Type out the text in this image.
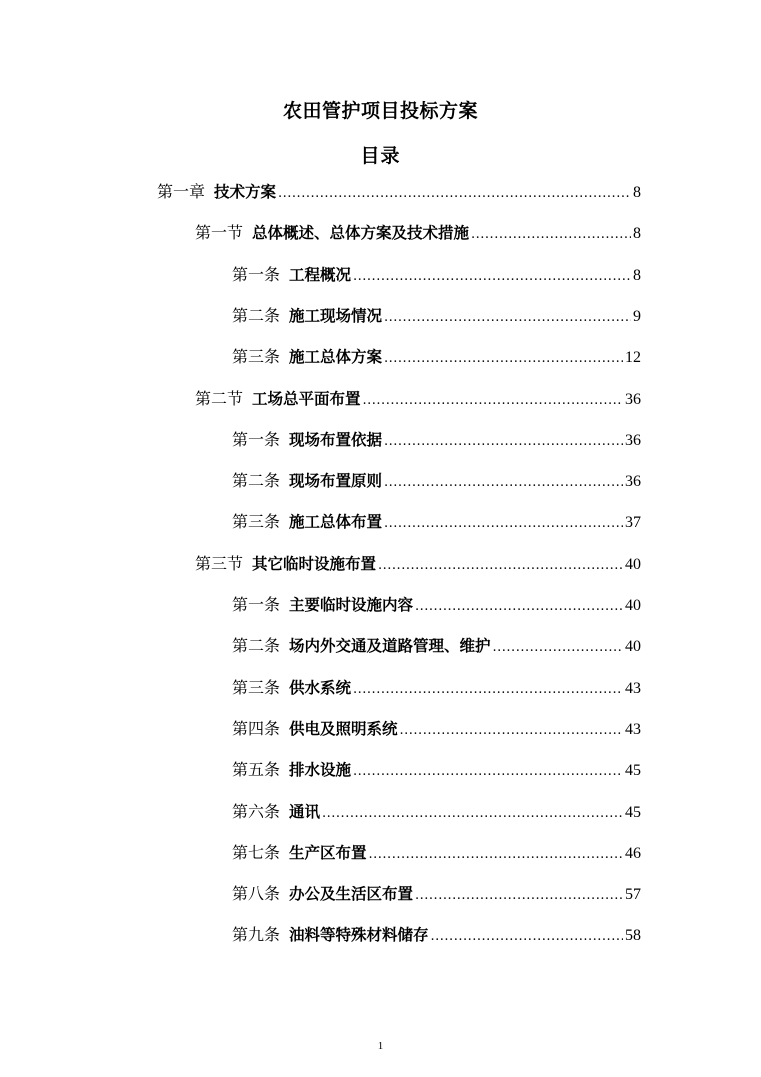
农田管护项目投标方案
目录
第一章 技术方案 .....	8
第一节 总体概述、总体方案及技术措施 .....	8
第一条 工程概况 .....	8
第二条 施工现场情况 .....	9
第三条 施工总体方案 .....	12
第二节 工场总平面布置 .....	36
第一条 现场布置依据 .....	36
第二条 现场布置原则 .....	36
第三条 施工总体布置 .....	37
第三节 其它临时设施布置 .....	40
第一条 主要临时设施内容 .....	40
第二条 场内外交通及道路管理、维护 .....	40
第三条 供水系统 .....	43
第四条 供电及照明系统 .....	43
第五条 排水设施 .....	45
第六条 通讯 .....	45
第七条 生产区布置 .....	46
第八条 办公及生活区布置 .....	57
第九条 油料等特殊材料储存 .....	58
1
